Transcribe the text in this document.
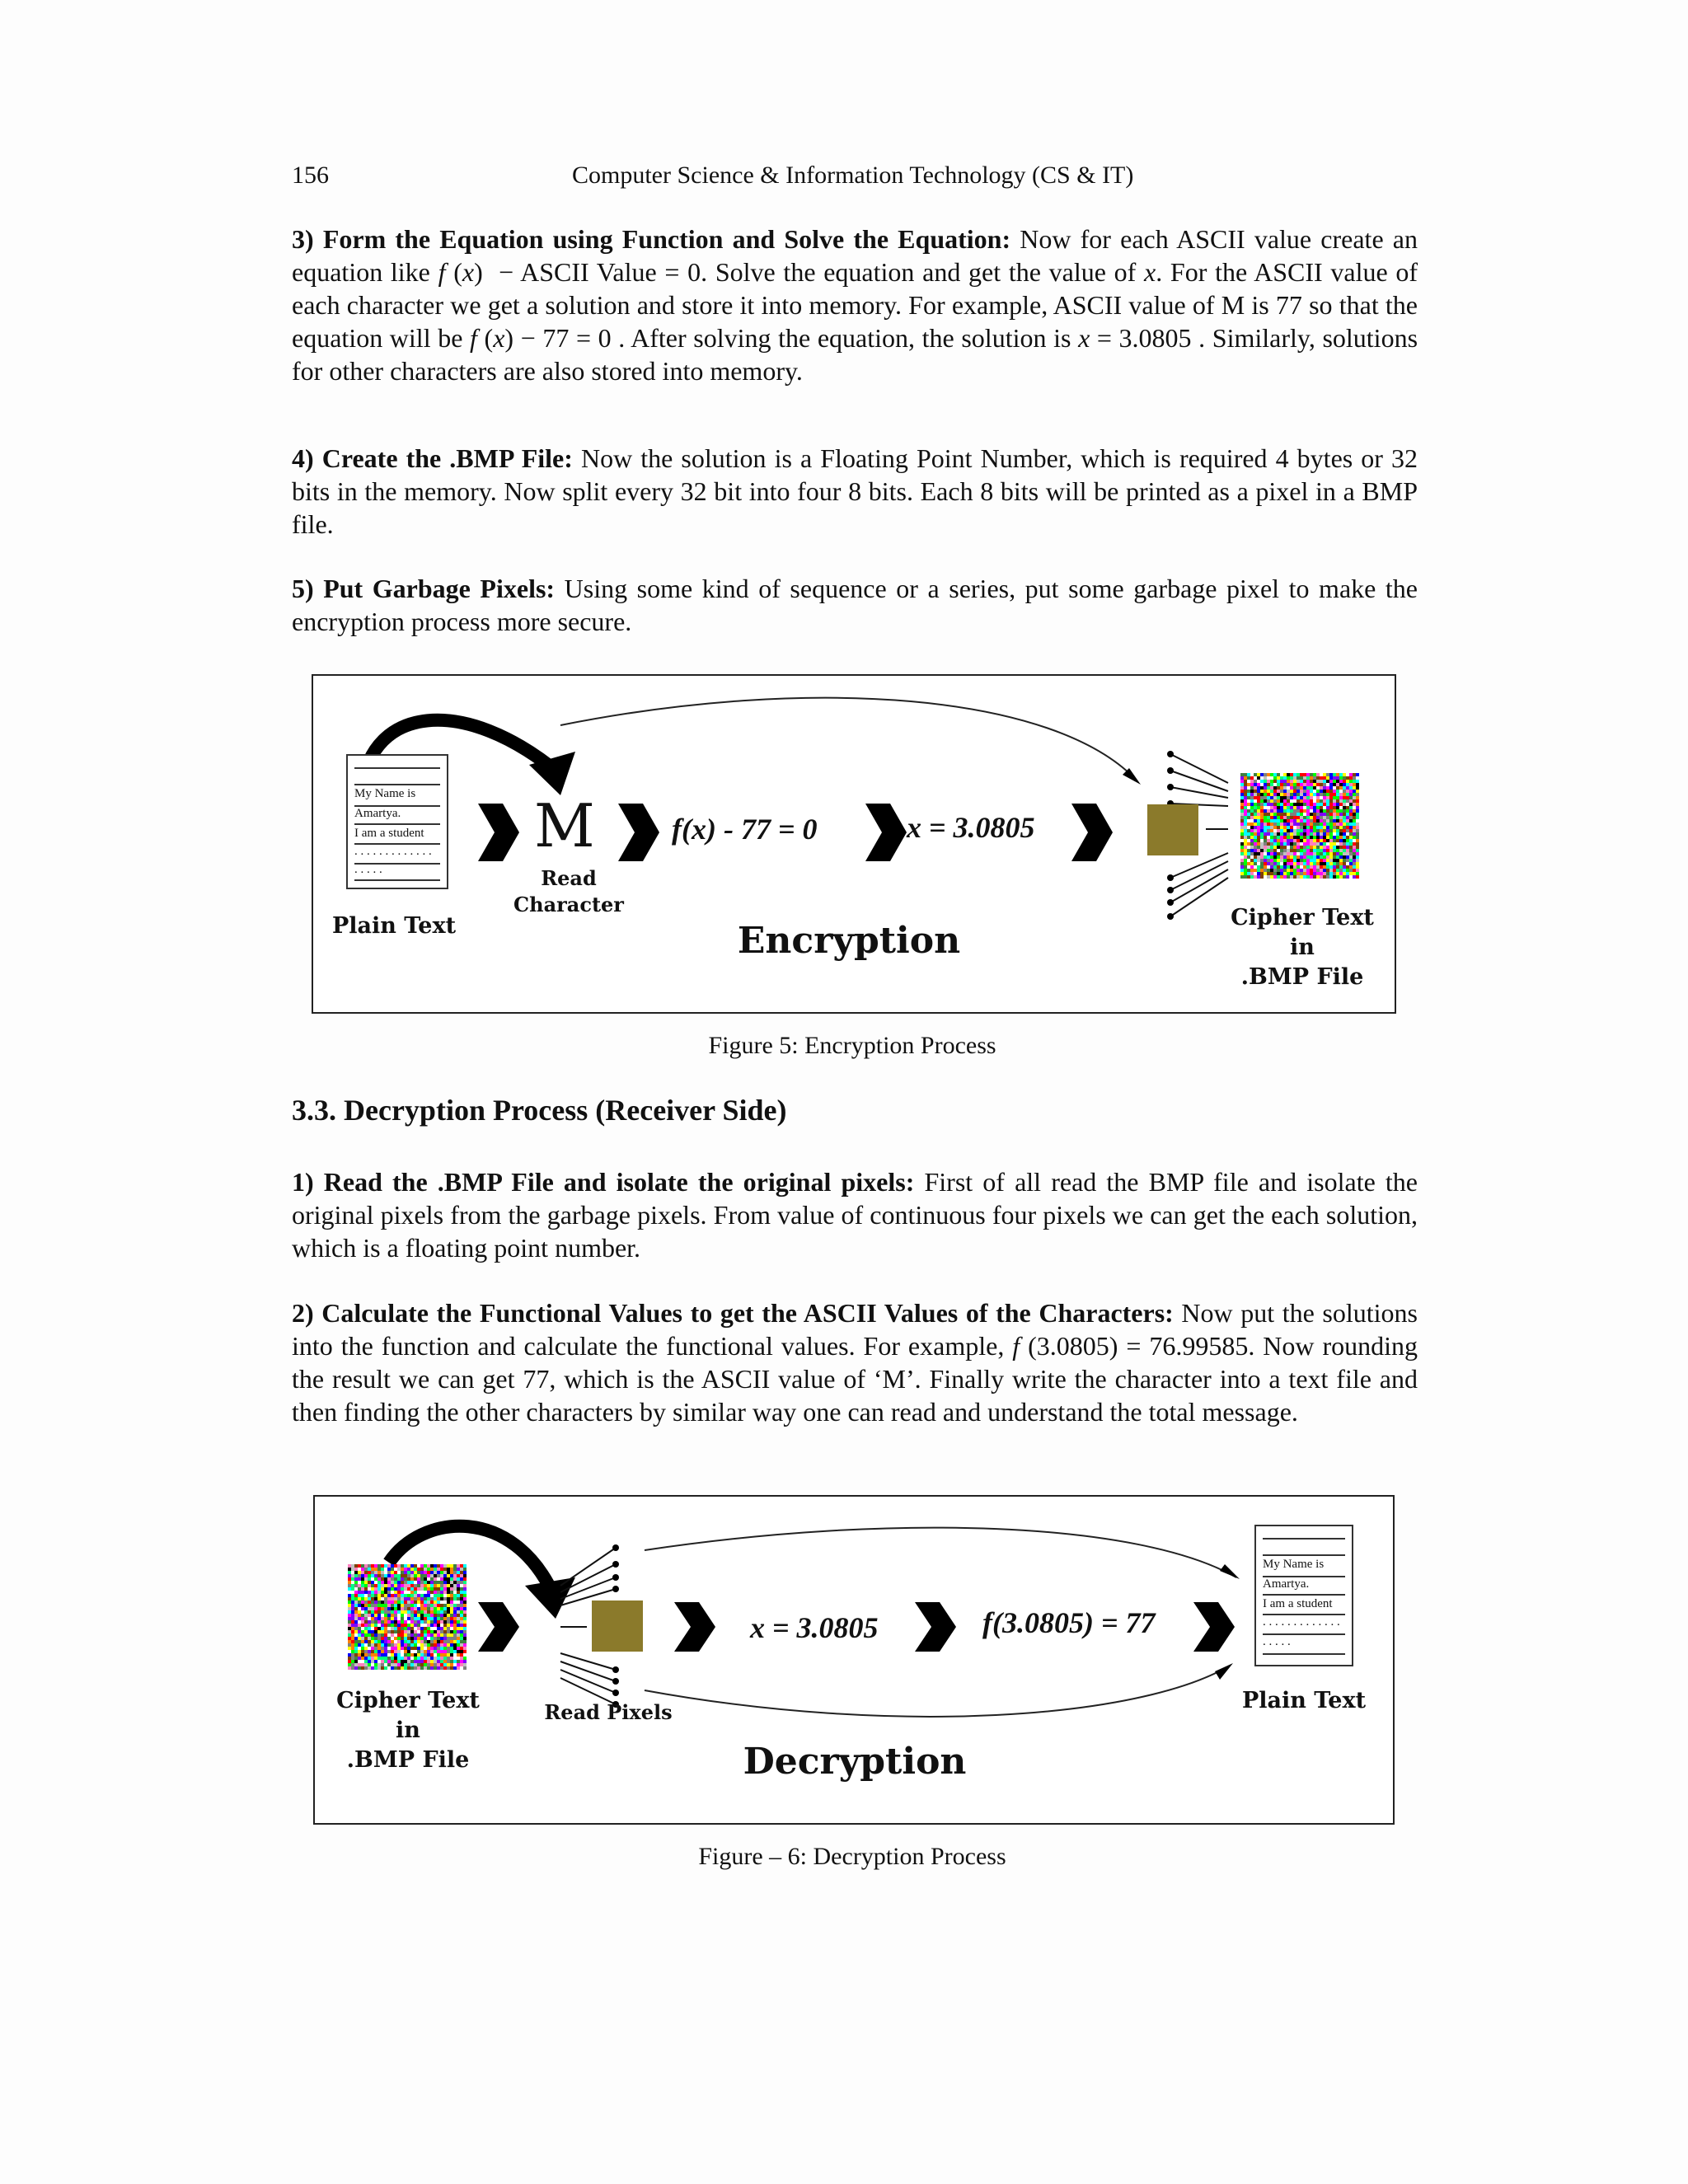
156	Computer Science & Information Technology (CS & IT)
3) Form the Equation using Function and Solve the Equation: Now for each ASCII value create an equation like f (x)  − ASCII Value = 0. Solve the equation and get the value of x. For the ASCII value of each character we get a solution and store it into memory. For example, ASCII value of M is 77 so that the equation will be f (x) − 77 = 0 . After solving the equation, the solution is x = 3.0805 . Similarly, solutions for other characters are also stored into memory.
4) Create the .BMP File: Now the solution is a Floating Point Number, which is required 4 bytes or 32 bits in the memory. Now split every 32 bit into four 8 bits. Each 8 bits will be printed as a pixel in a BMP file.
5) Put Garbage Pixels: Using some kind of sequence or a series, put some garbage pixel to make the encryption process more secure.
My Name is
Amartya.
I am a student
. . . . . . . . . . . . .
. . . . .
Plain Text
M
Read
Character
f(x) - 77 = 0	x = 3.0805
Cipher Text in
.BMP File
Encryption
Figure 5: Encryption Process
3.3. Decryption Process (Receiver Side)
1) Read the .BMP File and isolate the original pixels: First of all read the BMP file and isolate the original pixels from the garbage pixels. From value of continuous four pixels we can get the each solution, which is a floating point number.
2) Calculate the Functional Values to get the ASCII Values of the Characters: Now put the solutions into the function and calculate the functional values. For example, f (3.0805) = 76.99585. Now rounding the result we can get 77, which is the ASCII value of ‘M’. Finally write the character into a text file and then finding the other characters by similar way one can read and understand the total message.
Cipher Text in
.BMP File
Read Pixels
x = 3.0805	f(3.0805) = 77
My Name is
Amartya.
I am a student
. . . . . . . . . . . . .
. . . . .
Plain Text
Decryption
Figure – 6: Decryption Process
